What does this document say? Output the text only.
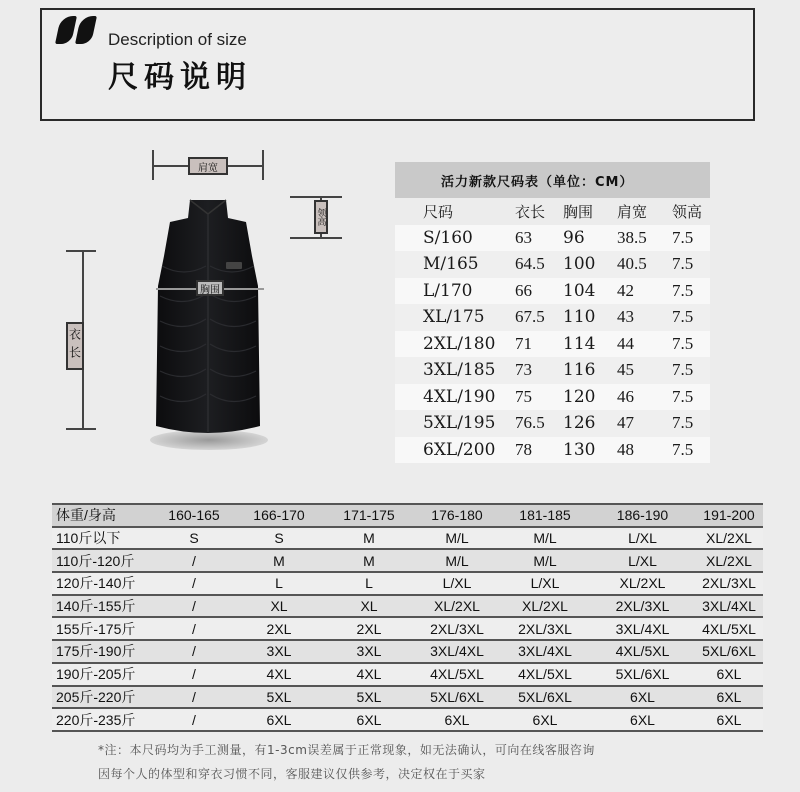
Description of size
尺码说明
肩宽
领高
衣长
胸围
活力新款尺码表（单位：CM）
尺码	衣长 胸围 肩宽 领高
S/160 63 96 38.5 7.5
M/165 64.5 100 40.5 7.5
L/170	66 104 42 7.5
XL/175 67.5 110 43 7.5
2XL/180 71 114 44 7.5
3XL/185 73 116 45 7.5
4XL/190 75 120 46 7.5
5XL/195 76.5 126 47 7.5
6XL/200 78 130 48 7.5
体重/身高	160-165	166-170	171-175	176-180	181-185	186-190	191-200
110斤以下	S	S	M	M/L	M/L	L/XL	XL/2XL
110斤-120斤	/	M	M	M/L	M/L	L/XL	XL/2XL
120斤-140斤	/	L	L	L/XL	L/XL	XL/2XL	2XL/3XL
140斤-155斤	/	XL	XL	XL/2XL	XL/2XL	2XL/3XL	3XL/4XL
155斤-175斤	/	2XL	2XL	2XL/3XL	2XL/3XL	3XL/4XL	4XL/5XL
175斤-190斤	/	3XL	3XL	3XL/4XL	3XL/4XL	4XL/5XL	5XL/6XL
190斤-205斤	/	4XL	4XL	4XL/5XL	4XL/5XL	5XL/6XL	6XL
205斤-220斤	/	5XL	5XL	5XL/6XL	5XL/6XL	6XL	6XL
220斤-235斤	/	6XL	6XL	6XL	6XL	6XL	6XL
*注：本尺码均为手工测量，有1-3cm误差属于正常现象，如无法确认，可向在线客服咨询
因每个人的体型和穿衣习惯不同，客服建议仅供参考，决定权在于买家
